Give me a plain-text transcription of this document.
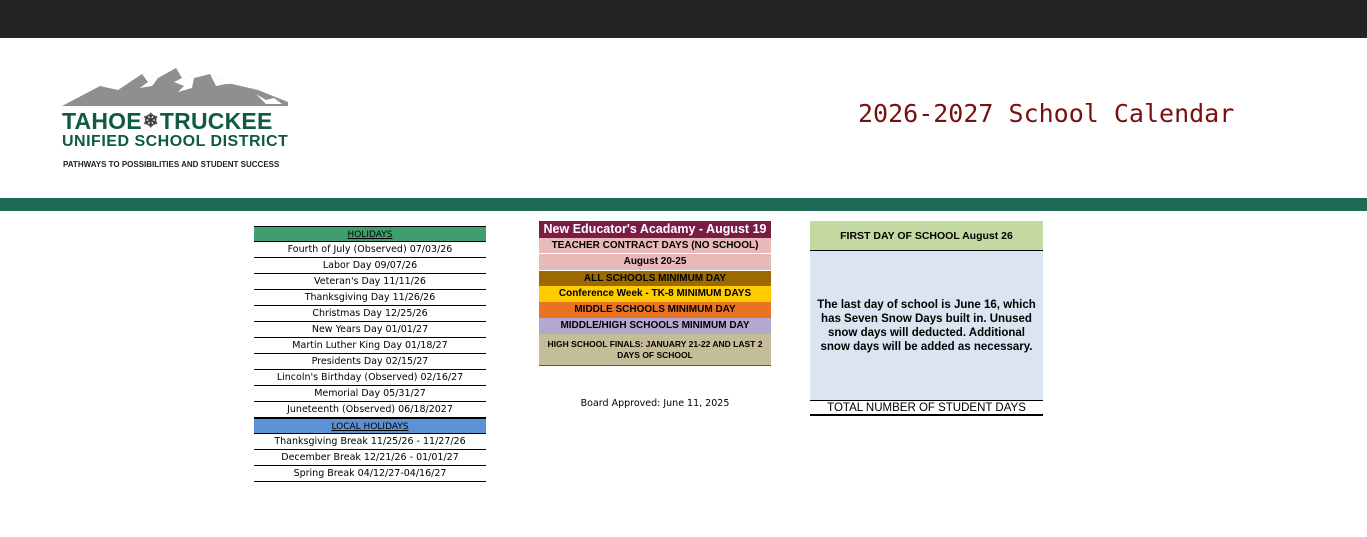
TAHOE❄TRUCKEE
UNIFIED SCHOOL DISTRICT
PATHWAYS TO POSSIBILITIES AND STUDENT SUCCESS
2026-2027 School Calendar
HOLIDAYS
Fourth of July (Observed) 07/03/26
Labor Day 09/07/26
Veteran's Day 11/11/26
Thanksgiving Day 11/26/26
Christmas Day 12/25/26
New Years Day 01/01/27
Martin Luther King Day 01/18/27
Presidents Day 02/15/27
Lincoln's Birthday (Observed) 02/16/27
Memorial Day 05/31/27
Juneteenth (Observed) 06/18/2027
LOCAL HOLIDAYS
Thanksgiving Break 11/25/26 - 11/27/26
December Break 12/21/26 - 01/01/27
Spring Break 04/12/27-04/16/27
New Educator's Acadamy - August 19
TEACHER CONTRACT DAYS (NO SCHOOL)
August 20-25
ALL SCHOOLS MINIMUM DAY
Conference Week - TK-8 MINIMUM DAYS
MIDDLE SCHOOLS MINIMUM DAY
MIDDLE/HIGH SCHOOLS MINIMUM DAY
HIGH SCHOOL FINALS: JANUARY 21-22 AND LAST 2 DAYS OF SCHOOL
Board Approved: June 11, 2025
FIRST DAY OF SCHOOL August 26
The last day of school is June 16, which has Seven Snow Days built in. Unused snow days will deducted. Additional snow days will be added as necessary.
TOTAL NUMBER OF STUDENT DAYS
